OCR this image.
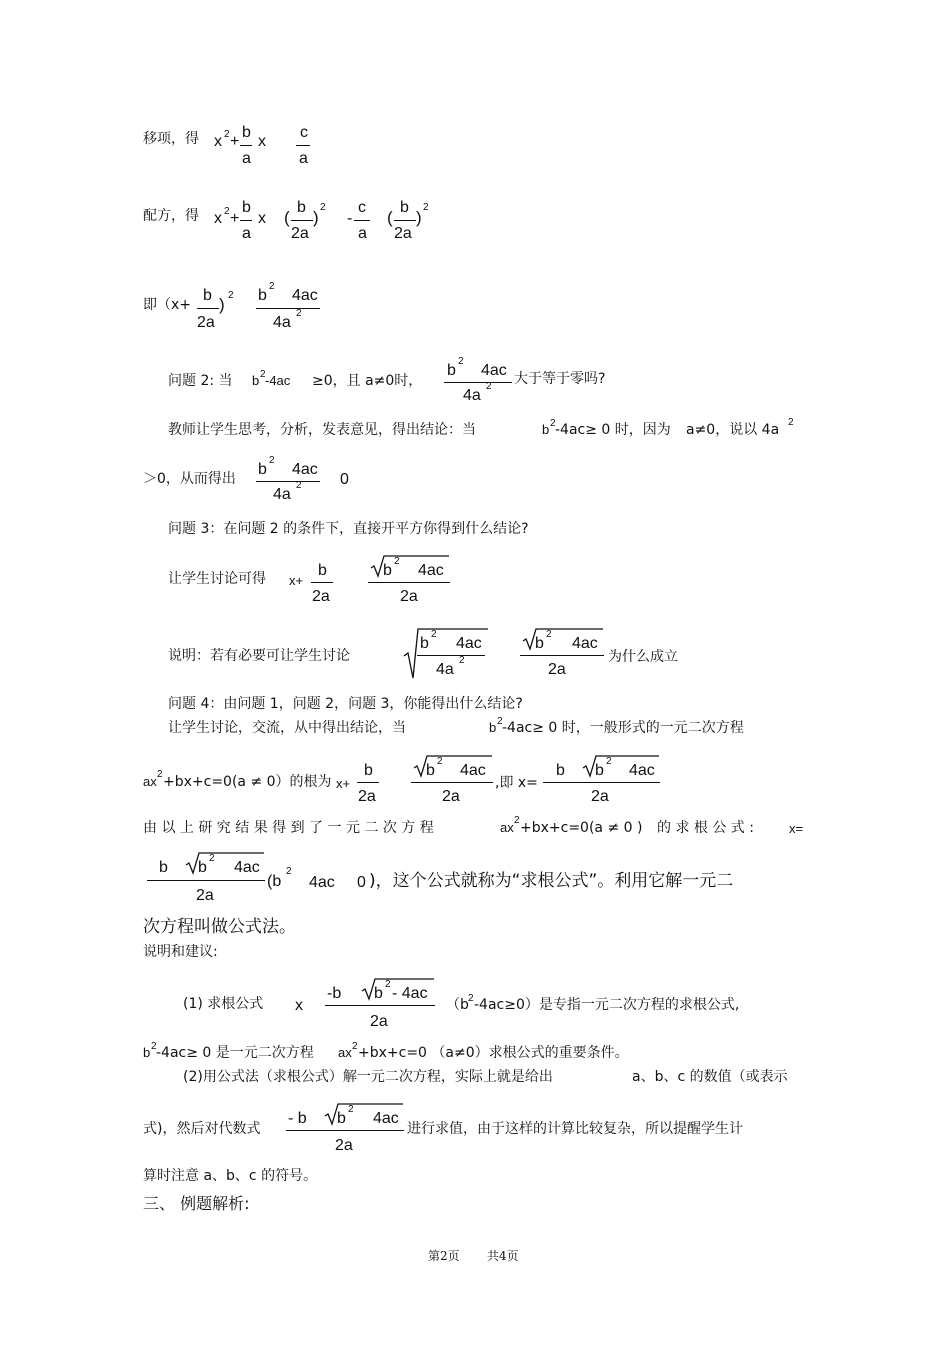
移项，得 x 2 +
b
a
x
c
a
配方，得 x 2 +
b
a
x (
b
2a
)
2
-
c
a
(
b
2a
)
2
即（x+
b
2a
) 2 b
2
4ac
4a
2
问题 2: 当 b 2 -4ac ≥0，且 a≠0时，
b
2
4ac
4a
2 大于等于零吗?
教师让学生思考，分析，发表意见，得出结论：当	b 2 -4ac≥ 0 时，因为 a≠0，说以 4a 2
＞0，从而得出
b
2
4ac
4a
2 0
问题 3：在问题 2 的条件下，直接开平方你得到什么结论?
让学生讨论可得 x+
b
2a
b
2
4ac
2a
说明：若有必要可让学生讨论
b
2
4ac
4a
2
b
2
4ac
2a
为什么成立
问题 4：由问题 1，问题 2，问题 3，你能得出什么结论?
让学生讨论，交流，从中得出结论，当	b 2 -4ac≥ 0 时，一般形式的一元二次方程
ax 2 +bx+c=0(a ≠ 0）的根为 x+
b
2a
b
2
4ac
2a
,即 x=
b b
2
4ac
2a
由 以 上 研 究 结 果 得 到 了 一 元 二 次 方 程	ax 2 +bx+c=0(a ≠ 0 ) 的 求 根 公 式 :	x=
b b
2
4ac
2a
(b
2
4ac 0 )，这个公式就称为“求根公式”。利用它解一元二
次方程叫做公式法。
说明和建议:
(1) 求根公式 x
-b b
2
- 4ac
2a
（b 2 -4ac≥0）是专指一元二次方程的求根公式,
b 2 -4ac≥ 0 是一元二次方程 ax 2 +bx+c=0 （a≠0）求根公式的重要条件。
(2)用公式法（求根公式）解一元二次方程，实际上就是给出	a、b、c 的数值（或表示
式)，然后对代数式
- b b
2
4ac
2a
进行求值，由于这样的计算比较复杂，所以提醒学生计
算时注意 a、b、c 的符号。
三、 例题解析:
第2页 共4页
